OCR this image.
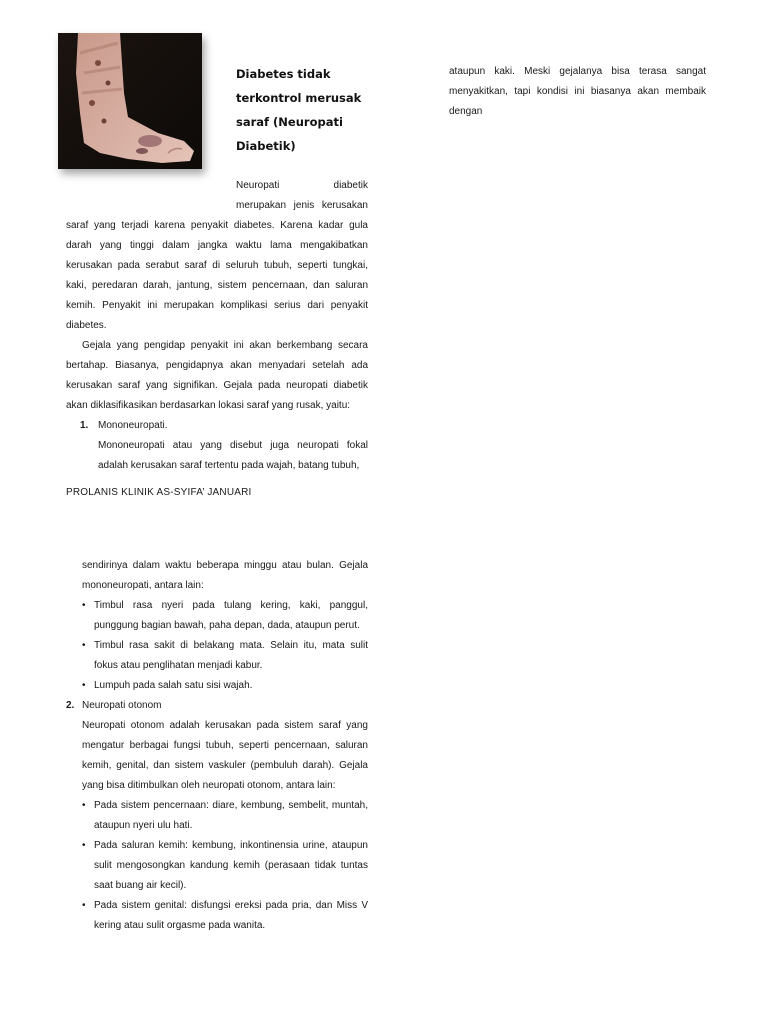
Diabetes tidak terkontrol merusak saraf (Neuropati Diabetik)

ataupun kaki. Meski gejalanya bisa terasa sangat menyakitkan, tapi kondisi ini biasanya akan membaik dengan

Neuropati diabetik merupakan jenis kerusakan

saraf yang terjadi karena penyakit diabetes. Karena kadar gula darah yang tinggi dalam jangka waktu lama mengakibatkan kerusakan pada serabut saraf di seluruh tubuh, seperti tungkai, kaki, peredaran darah, jantung, sistem pencernaan, dan saluran kemih. Penyakit ini merupakan komplikasi serius dari penyakit diabetes.

Gejala yang pengidap penyakit ini akan berkembang secara bertahap. Biasanya, pengidapnya akan menyadari setelah ada kerusakan saraf yang signifikan. Gejala pada neuropati diabetik akan diklasifikasikan berdasarkan lokasi saraf yang rusak, yaitu:

1. Mononeuropati.

Mononeuropati atau yang disebut juga neuropati fokal adalah kerusakan saraf tertentu pada wajah, batang tubuh,

PROLANIS KLINIK AS-SYIFA’ JANUARI

sendirinya dalam waktu beberapa minggu atau bulan. Gejala mononeuropati, antara lain:

• Timbul rasa nyeri pada tulang kering, kaki, panggul, punggung bagian bawah, paha depan, dada, ataupun perut.
• Timbul rasa sakit di belakang mata. Selain itu, mata sulit fokus atau penglihatan menjadi kabur.
• Lumpuh pada salah satu sisi wajah.
2. Neuropati otonom

Neuropati otonom adalah kerusakan pada sistem saraf yang mengatur berbagai fungsi tubuh, seperti pencernaan, saluran kemih, genital, dan sistem vaskuler (pembuluh darah). Gejala yang bisa ditimbulkan oleh neuropati otonom, antara lain:

• Pada sistem pencernaan: diare, kembung, sembelit, muntah, ataupun nyeri ulu hati.
• Pada saluran kemih: kembung, inkontinensia urine, ataupun sulit mengosongkan kandung kemih (perasaan tidak tuntas saat buang air kecil).
• Pada sistem genital: disfungsi ereksi pada pria, dan Miss V kering atau sulit orgasme pada wanita.
